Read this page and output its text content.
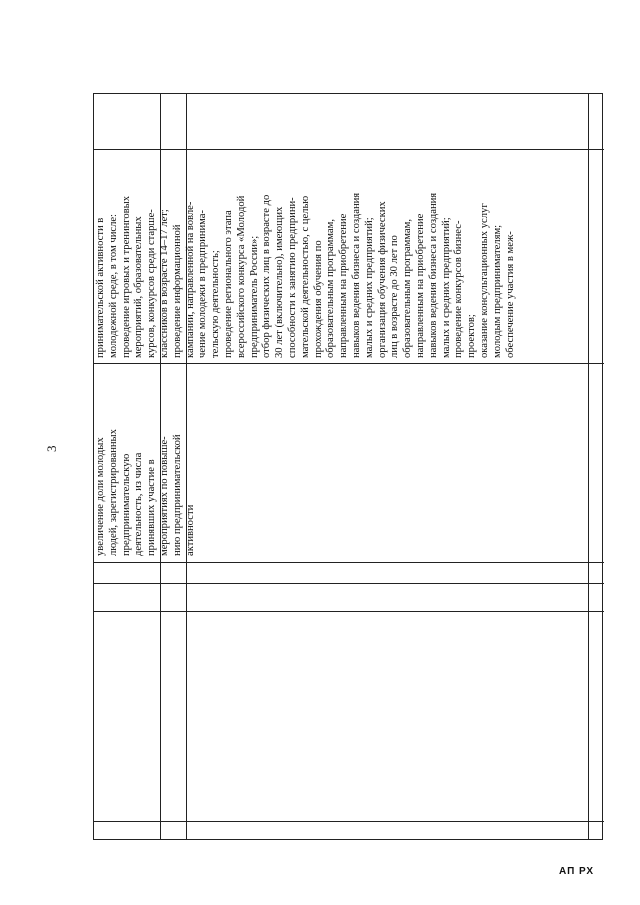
3	увеличение доли молодых людей, зарегистрированных предпринимательскую деятельность, из числа принявших участие в мероприятиях по повыше- нию предпринимательской активности
принимательской активности в молодежной среде, в том числе: проведение игровых и тренинговых мероприятий, образовательных курсов, конкурсов среди старше- классников в возрасте 14–17 лет; проведение информационной кампании, направленной на вовле- чение молодежи в предпринима- тельскую деятельность; проведение регионального этапа всероссийского конкурса «Молодой предприниматель России»; отбор физических лиц в возрасте до 30 лет (включительно), имеющих способности к занятию предприни- мательской деятельностью, с целью прохождения обучения по образовательным программам, направленным на приобретение навыков ведения бизнеса и создания малых и средних предприятий; организация обучения физических лиц в возрасте до 30 лет по образовательным программам, направленным на приобретение навыков ведения бизнеса и создания малых и средних предприятий; проведение конкурсов бизнес- проектов; оказание консультационных услуг молодым предпринимателям; обеспечение участия в меж-
АП РХ
